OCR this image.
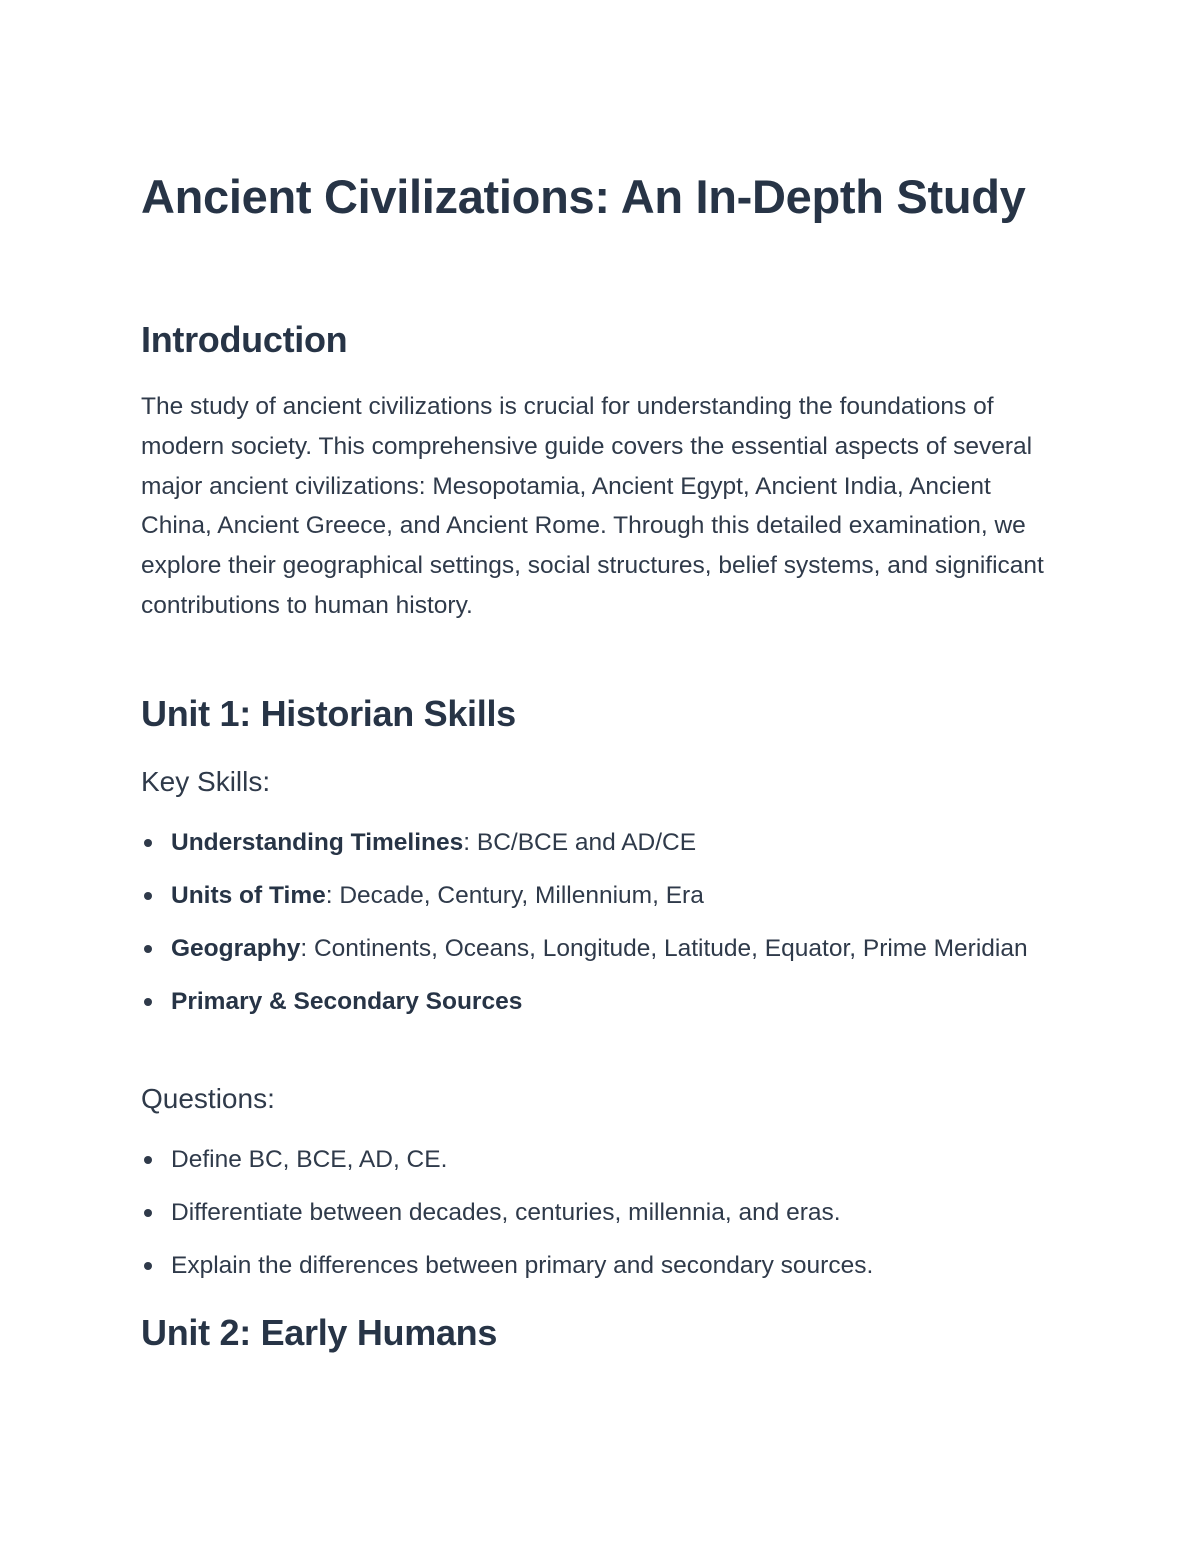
Ancient Civilizations: An In-Depth Study
Introduction

The study of ancient civilizations is crucial for understanding the foundations of modern society. This comprehensive guide covers the essential aspects of several major ancient civilizations: Mesopotamia, Ancient Egypt, Ancient India, Ancient China, Ancient Greece, and Ancient Rome. Through this detailed examination, we explore their geographical settings, social structures, belief systems, and significant contributions to human history.

Unit 1: Historian Skills
Key Skills:
Understanding Timelines: BC/BCE and AD/CE
Units of Time: Decade, Century, Millennium, Era
Geography: Continents, Oceans, Longitude, Latitude, Equator, Prime Meridian
Primary & Secondary Sources
Questions:
Define BC, BCE, AD, CE.
Differentiate between decades, centuries, millennia, and eras.
Explain the differences between primary and secondary sources.
Unit 2: Early Humans
